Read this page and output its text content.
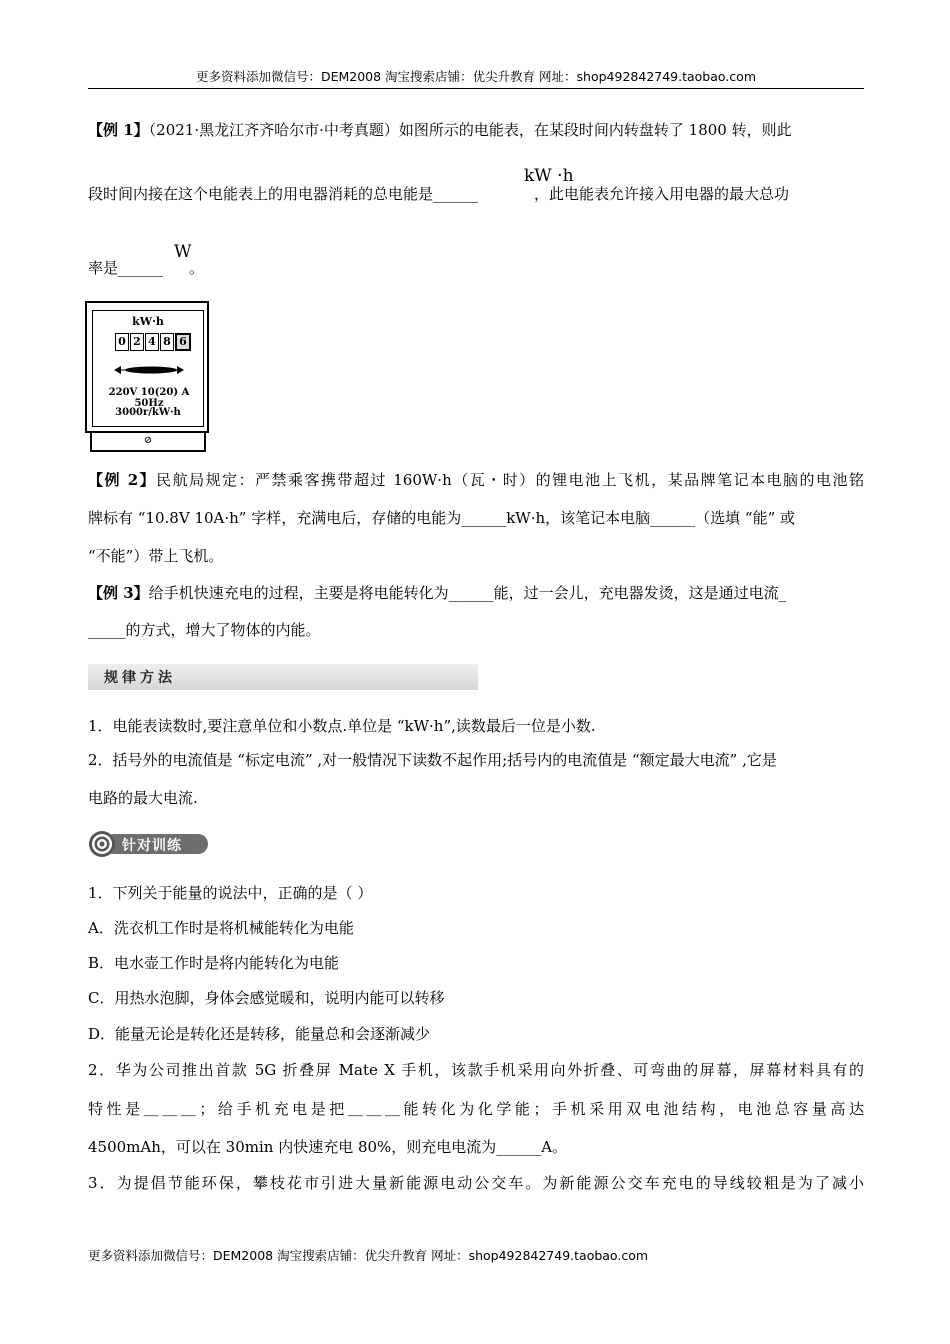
更多资料添加微信号：DEM2008 淘宝搜索店铺：优尖升教育 网址：shop492842749.taobao.com
【例 1】（2021·黑龙江齐齐哈尔市·中考真题）如图所示的电能表，在某段时间内转盘转了 1800 转，则此
kW ·h
段时间内接在这个电能表上的用电器消耗的总电能是______	，此电能表允许接入用电器的最大总功
W
率是______ 。
kW·h
0 2 4 8 6
220V 10(20) A 50Hz
3000r/kW·h
⊘
【例 2】民航局规定：严禁乘客携带超过 160W·h（瓦・时）的锂电池上飞机，某品牌笔记本电脑的电池铭
牌标有 “10.8V 10A·h” 字样，充满电后，存储的电能为______kW·h，该笔记本电脑______（选填 “能” 或
“不能”）带上飞机。
【例 3】给手机快速充电的过程，主要是将电能转化为______能，过一会儿，充电器发烫，这是通过电流_
_____的方式，增大了物体的内能。
规律方法
1．电能表读数时,要注意单位和小数点.单位是 “kW·h”,读数最后一位是小数.
2．括号外的电流值是 “标定电流” ,对一般情况下读数不起作用;括号内的电流值是 “额定最大电流” ,它是
电路的最大电流.
针对训练
1．下列关于能量的说法中，正确的是（ ）
A．洗衣机工作时是将机械能转化为电能
B．电水壶工作时是将内能转化为电能
C．用热水泡脚，身体会感觉暖和，说明内能可以转移
D．能量无论是转化还是转移，能量总和会逐渐减少
2．华为公司推出首款 5G 折叠屏 Mate X 手机，该款手机采用向外折叠、可弯曲的屏幕，屏幕材料具有的
特性是＿＿＿；给手机充电是把＿＿＿能转化为化学能；手机采用双电池结构，电池总容量高达
4500mAh，可以在 30min 内快速充电 80%，则充电电流为______A。
3．为提倡节能环保，攀枝花市引进大量新能源电动公交车。为新能源公交车充电的导线较粗是为了减小
更多资料添加微信号：DEM2008 淘宝搜索店铺：优尖升教育 网址：shop492842749.taobao.com
